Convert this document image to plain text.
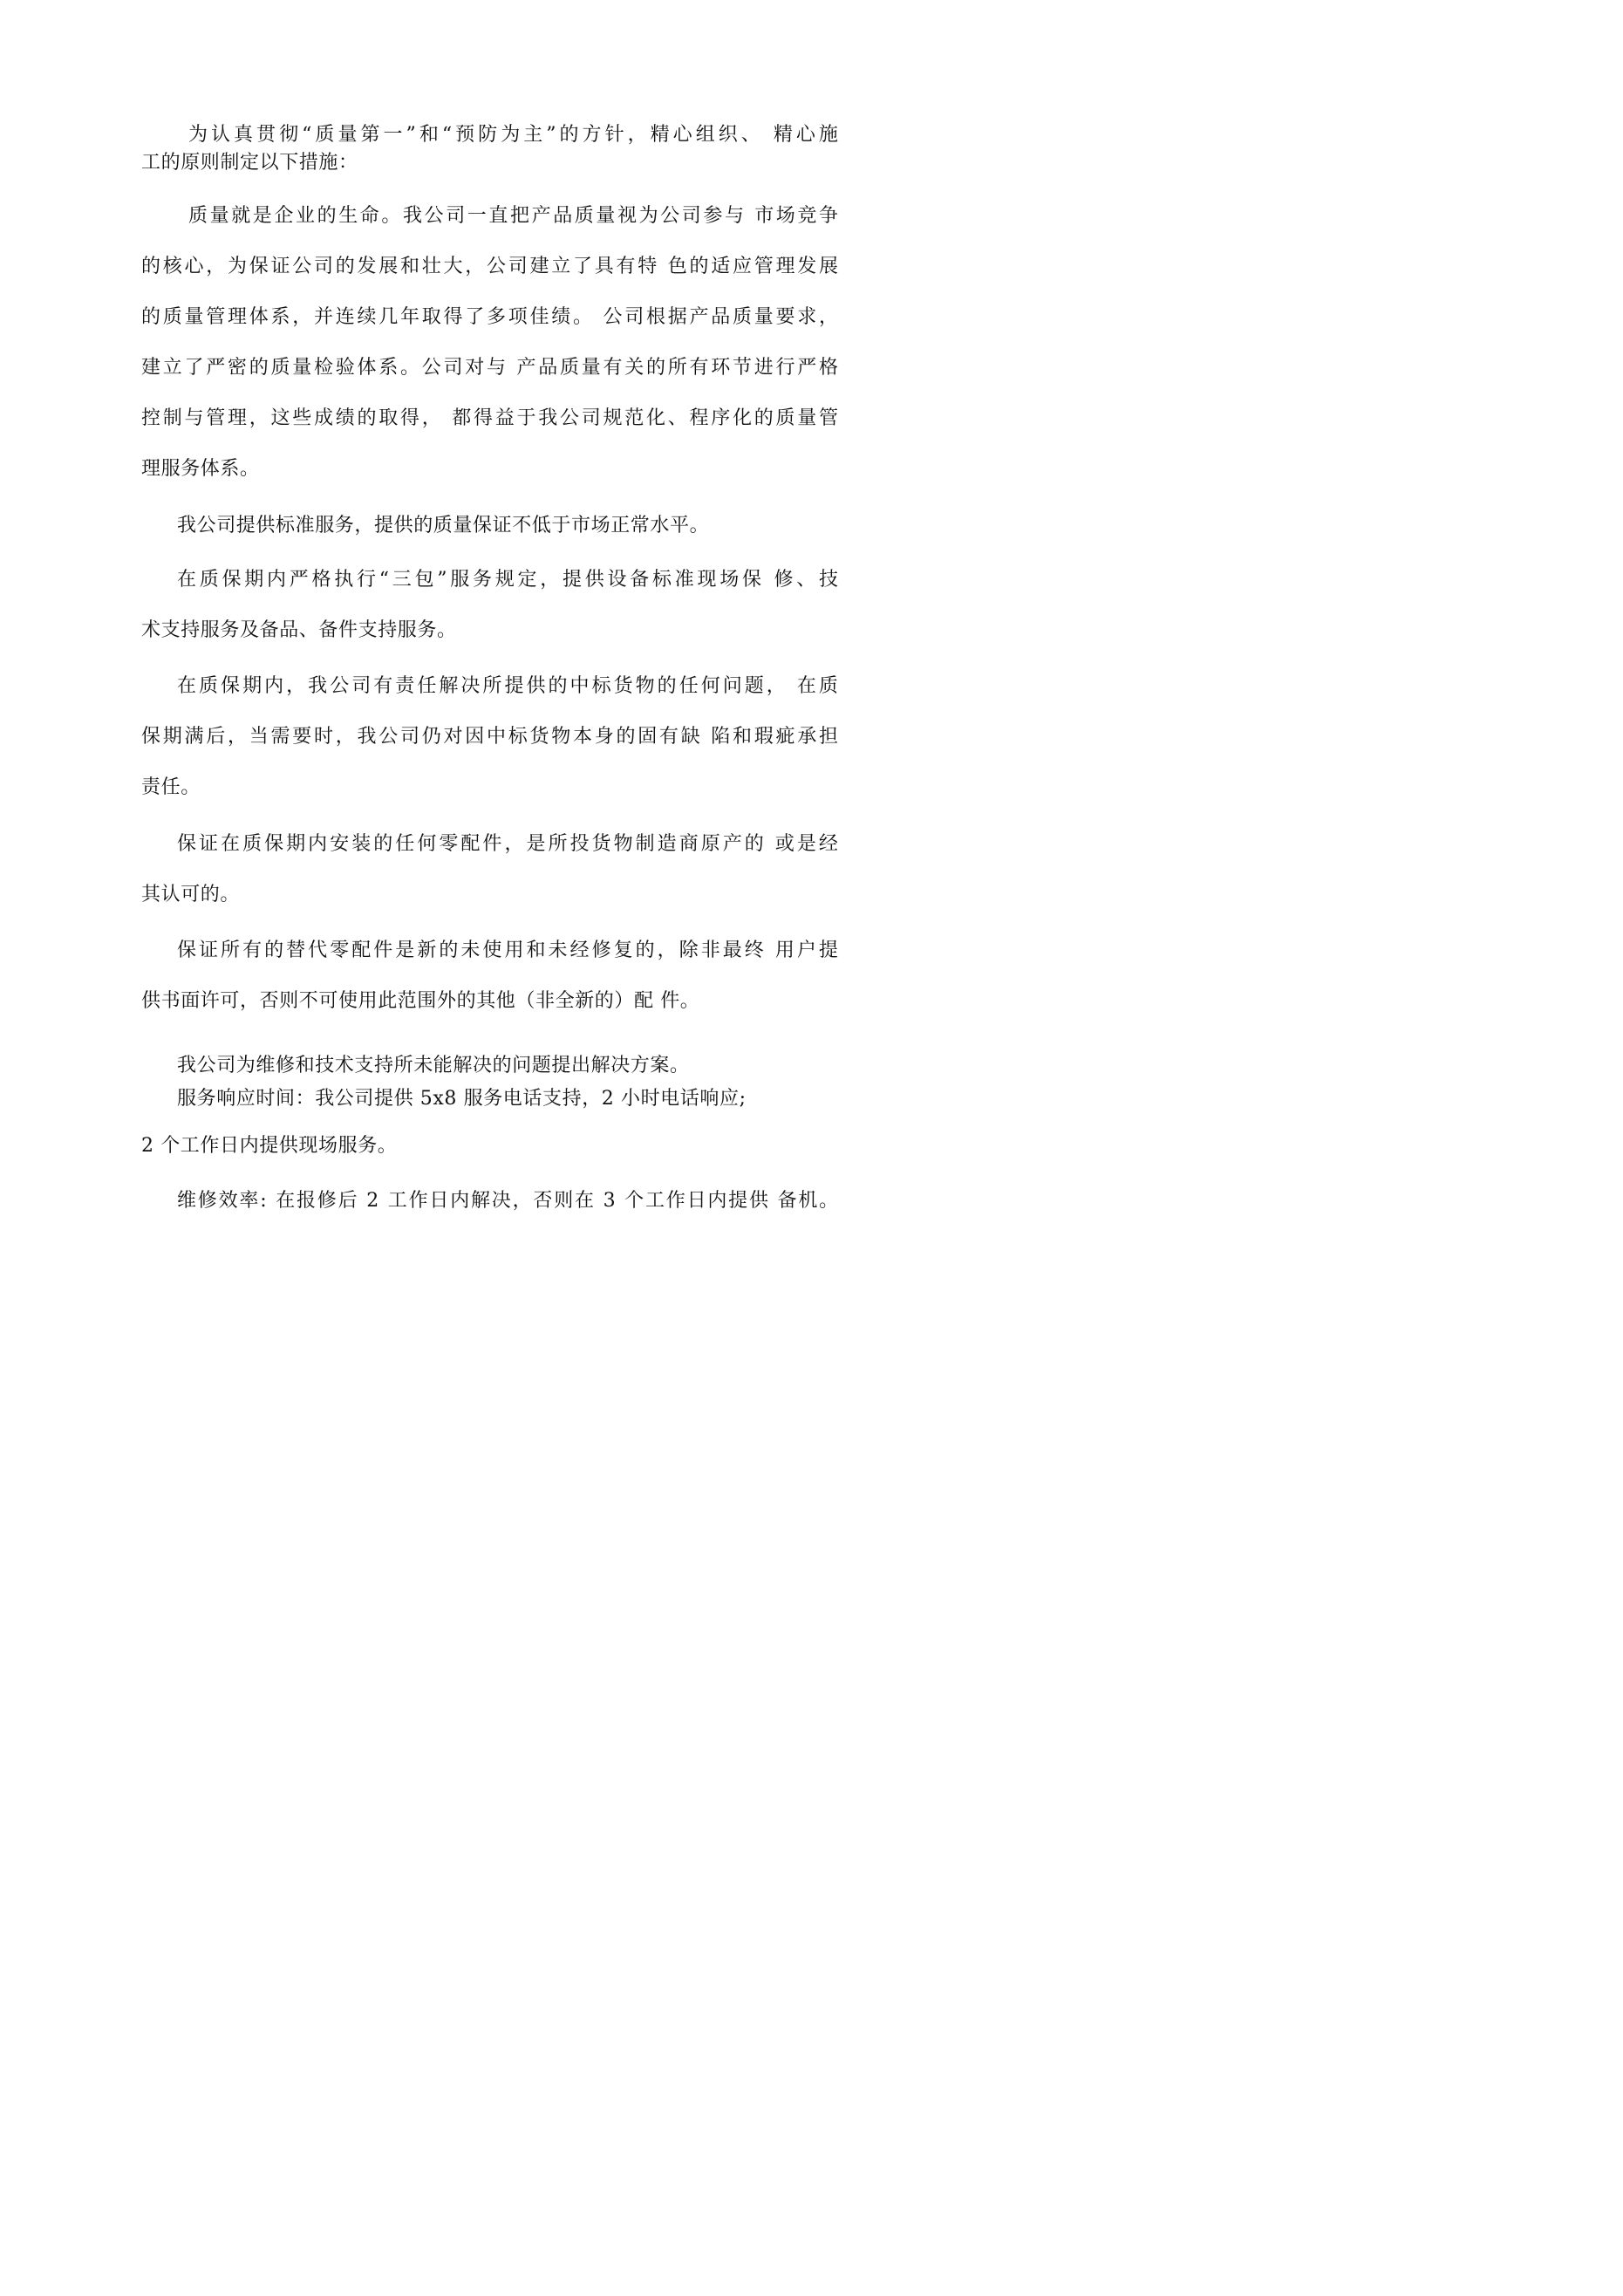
为认真贯彻“质量第一”和“预防为主”的方针，精心组织、 精心施
工的原则制定以下措施：
质量就是企业的生命。我公司一直把产品质量视为公司参与 市场竞争
的核心，为保证公司的发展和壮大，公司建立了具有特 色的适应管理发展
的质量管理体系，并连续几年取得了多项佳绩。 公司根据产品质量要求，
建立了严密的质量检验体系。公司对与 产品质量有关的所有环节进行严格
控制与管理，这些成绩的取得， 都得益于我公司规范化、程序化的质量管
理服务体系。
我公司提供标准服务，提供的质量保证不低于市场正常水平。
在质保期内严格执行“三包”服务规定，提供设备标准现场保 修、技
术支持服务及备品、备件支持服务。
在质保期内，我公司有责任解决所提供的中标货物的任何问题， 在质
保期满后，当需要时，我公司仍对因中标货物本身的固有缺 陷和瑕疵承担
责任。
保证在质保期内安装的任何零配件，是所投货物制造商原产的 或是经
其认可的。
保证所有的替代零配件是新的未使用和未经修复的，除非最终 用户提
供书面许可，否则不可使用此范围外的其他（非全新的）配 件。
我公司为维修和技术支持所未能解决的问题提出解决方案。
服务响应时间：我公司提供 5x8 服务电话支持，2 小时电话响应;
2 个工作日内提供现场服务。
维修效率: 在报修后 2 工作日内解决，否则在 3 个工作日内提供 备机。
